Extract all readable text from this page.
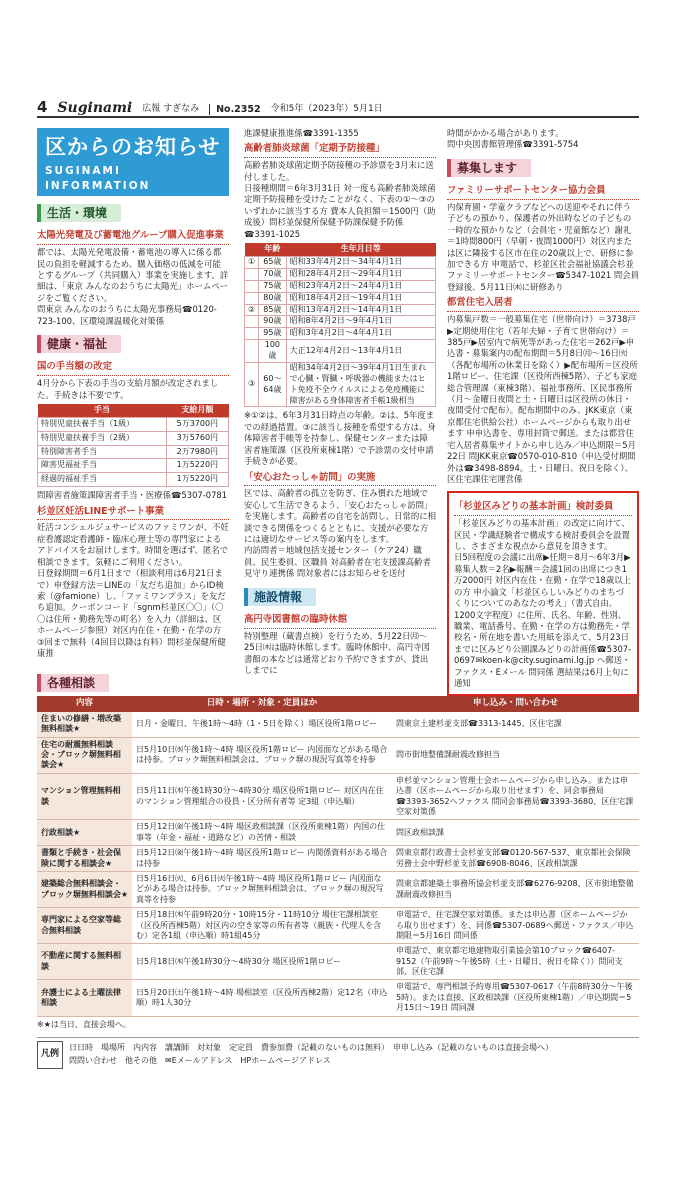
4 Suginami 広報 すぎなみ	No.2352 令和5年（2023年）5月1日
区からのお知らせ
SUGINAMI INFORMATION
生活・環境
太陽光発電及び蓄電池グループ購入促進事業

都では、太陽光発電設備・蓄電池の導入に係る都民の負担を軽減するため、購入価格の低減を可能とするグループ（共同購入）事業を実施します。詳細は、「東京 みんなのおうちに太陽光」ホームページをご覧ください。

問東京 みんなのおうちに太陽光事務局☎0120-723-100、区環境課温暖化対策係

健康・福祉
国の手当額の改定

4月分から下表の手当の支給月額が改定されました。手続きは不要です。

手当	支給月額
特別児童扶養手当（1級）	5万3700円
特別児童扶養手当（2級）	3万5760円
特別障害者手当	2万7980円
障害児福祉手当	1万5220円
経過的福祉手当	1万5220円

問障害者施策課障害者手当・医療係☎5307-0781

杉並区妊活LINEサポート事業

妊活コンシェルジュサービスのファミワンが、不妊症看護認定看護師・臨床心理士等の専門家によるアドバイスをお届けします。時間を選ばず、匿名で相談できます。気軽にご利用ください。

日登録期間＝6月1日まで（相談利用は6月21日まで）申登録方法＝LINEの「友だち追加」からID検索（@famione）し、「ファミワンプラス」を友だち追加。クーポンコード「sgnm杉並区〇〇」（〇〇は住所・勤務先等の町名）を入力（詳細は、区ホームページ参照）対区内在住・在勤・在学の方 ③回まで無料（4回目以降は有料）問杉並保健所健康推

進課健康推進係☎3391-1355

高齢者肺炎球菌「定期予防接種」

高齢者肺炎球菌定期予防接種の予診票を3月末に送付しました。

日接種期間＝6年3月31日 対一度も高齢者肺炎球菌定期予防接種を受けたことがなく、下表の①～③のいずれかに該当する方 費本人負担額＝1500円（助成後）問杉並保健所保健予防課保健予防係☎3391-1025

	年齢	生年月日等
①	65歳	昭和33年4月2日～34年4月1日
	70歳	昭和28年4月2日～29年4月1日
	75歳	昭和23年4月2日～24年4月1日
	80歳	昭和18年4月2日～19年4月1日
②	85歳	昭和13年4月2日～14年4月1日
	90歳	昭和8年4月2日～9年4月1日
	95歳	昭和3年4月2日～4年4月1日
	100歳	大正12年4月2日～13年4月1日
③	60～64歳	昭和34年4月2日～39年4月1日生まれで心臓・腎臓・呼吸器の機能またはヒト免疫不全ウイルスによる免疫機能に障害がある身体障害者手帳1級相当

※①②は、6年3月31日時点の年齢。②は、5年度までの経過措置。③に該当し接種を希望する方は、身体障害者手帳等を持参し、保健センターまたは障害者施策課（区役所東棟1階）で予診票の交付申請手続きが必要。

「安心おたっしゃ訪問」の実施

区では、高齢者の孤立を防ぎ、住み慣れた地域で安心して生活できるよう、「安心おたっしゃ訪問」を実施します。高齢者の自宅を訪問し、日常的に相談できる関係をつくるとともに、支援が必要な方には適切なサービス等の案内をします。

内訪問者＝地域包括支援センター（ケア24）職員、民生委員、区職員 対高齢者在宅支援課高齢者見守り連携係 問対象者にはお知らせを送付

施設情報
高円寺図書館の臨時休館

特別整理（蔵書点検）を行うため、5月22日㈪～25日㈭は臨時休館します。臨時休館中、高円寺図書館の本などは通常どおり予約できますが、貸出しまでに

時間がかかる場合があります。

問中央図書館管理係☎3391-5754

募集します
ファミリーサポートセンター協力会員

内保育園・学童クラブなどへの送迎やそれに伴う子どもの預かり、保護者の外出時などの子どもの一時的な預かりなど（会員宅・児童館など）謝礼＝1時間800円（早朝・夜間1000円）対区内または区に隣接する区市在住の20歳以上で、研修に参加できる方 申電話で、杉並区社会福祉協議会杉並ファミリーサポートセンター☎5347-1021 問会員登録後、5月11日㈭に研修あり

都営住宅入居者

内募集戸数＝一般募集住宅（世帯向け）＝3738戸▶定期使用住宅（若年夫婦・子育て世帯向け）＝385戸▶居室内で病死等があった住宅＝262戸▶申込書・募集案内の配布期間＝5月8日㈪～16日㈫（各配布場所の休業日を除く）▶配布場所＝区役所1階ロビー、住宅課（区役所西棟5階）、子ども家庭総合管理課（東棟3階）、福祉事務所、区民事務所（月～金曜日夜間と土・日曜日は区役所の休日・夜間受付で配布）。配布期間中のみ、JKK東京（東京都住宅供給公社）ホームページからも取り出せます 申申込書を、専用封筒で郵送。または都営住宅入居者募集サイトから申し込み／申込期限＝5月22日 問JKK東京☎0570-010-810（申込受付期間外は☎3498-8894。土・日曜日、祝日を除く）、区住宅課住宅運営係

「杉並区みどりの基本計画」検討委員

「杉並区みどりの基本計画」の改定に向けて、区民・学識経験者で構成する検討委員会を設置し、さまざまな視点から意見を頂きます。

日5回程度の会議に出席▶任期＝8月～6年3月▶募集人数＝2名▶報酬＝会議1回の出席につき1万2000円 対区内在住・在勤・在学で18歳以上の方 申小論文「杉並区らしいみどりのまちづくりについてのあなたの考え」（書式自由。1200文字程度）に住所、氏名、年齢、性別、職業、電話番号、在勤・在学の方は勤務先・学校名・所在地を書いた用紙を添えて、5月23日までに区みどり公園課みどりの計画係☎5307-0697✉koen-k@city.suginami.lg.jp へ郵送・ファクス・Eメール 問同係 選結果は6月上旬に通知

各種相談
内容	日時・場所・対象・定員ほか	申し込み・問い合わせ
住まいの修繕・増改築無料相談★	日月・金曜日、午後1時～4時（1・5日を除く）場区役所1階ロビー	問東京土建杉並支部☎3313-1445、区住宅課
住宅の耐震無料相談会・ブロック塀無料相談会★	日5月10日㈬午後1時～4時 場区役所1階ロビー 内図面などがある場合は持参。ブロック塀無料相談会は、ブロック塀の現況写真等を持参	問市街地整備課耐震改修担当
マンション管理無料相談	日5月11日㈭午後1時30分～4時30分 場区役所1階ロビー 対区内在住のマンション管理組合の役員・区分所有者等 定3組（申込順）	申杉並マンション管理士会ホームページから申し込み。または申込書（区ホームページから取り出せます）を、同会事務局☎3393-3652へファクス 問同会事務局☎3393-3680、区住宅課空家対策係
行政相談★	日5月12日㈮午後1時～4時 場区政相談課（区役所東棟1階）内国の仕事等（年金・福祉・道路など）の苦情・相談	問区政相談課
書類と手続き・社会保険に関する相談会★	日5月12日㈮午後1時～4時 場区役所1階ロビー 内関係資料がある場合は持参	問東京都行政書士会杉並支部☎0120-567-537、東京都社会保険労務士会中野杉並支部☎6908-8046、区政相談課
建築総合無料相談会・ブロック塀無料相談会★	日5月16日㈫、6月6日㈫午後1時～4時 場区役所1階ロビー 内図面などがある場合は持参。ブロック塀無料相談会は、ブロック塀の現況写真等を持参	問東京都建築士事務所協会杉並支部☎6276-9208、区市街地整備課耐震改修担当
専門家による空家等総合無料相談	日5月18日㈭午前9時20分・10時15分・11時10分 場住宅課相談室（区役所西棟5階）対区内の空き家等の所有者等（親族・代理人を含む）定各1組（申込順）時1組45分	申電話で、住宅課空家対策係。または申込書（区ホームページから取り出せます）を、同係☎5307-0689へ郵送・ファクス／申込期限＝5月16日 問同係
不動産に関する無料相談	日5月18日㈭午後1時30分～4時30分 場区役所1階ロビー	申電話で、東京都宅地建物取引業協会第10ブロック☎6407-9152（午前9時～午後5時（土・日曜日、祝日を除く））問同支部、区住宅課
弁護士による土曜法律相談	日5月20日㈯午後1時～4時 場相談室（区役所西棟2階）定12名（申込順）時1人30分	申電話で、専門相談予約専用☎5307-0617（午前8時30分～午後5時）。または直接、区政相談課（区役所東棟1階）／申込期間＝5月15日～19日 問同課
※★は当日、直接会場へ。
凡例
日日時　場場所　内内容　講講師　対対象　定定員　費参加費（記載のないものは無料）　申申し込み（記載のないものは直接会場へ）
問問い合わせ　他その他　✉Eメールアドレス　HPホームページアドレス
